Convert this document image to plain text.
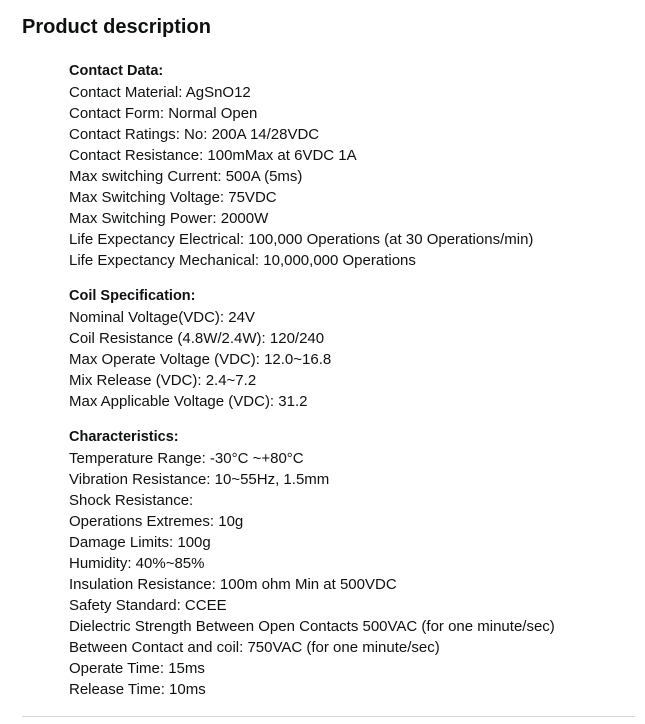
Product description
Contact Data:
Contact Material: AgSnO12
Contact Form: Normal Open
Contact Ratings: No: 200A 14/28VDC
Contact Resistance: 100mMax at 6VDC 1A
Max switching Current: 500A (5ms)
Max Switching Voltage: 75VDC
Max Switching Power: 2000W
Life Expectancy Electrical: 100,000 Operations (at 30 Operations/min)
Life Expectancy Mechanical: 10,000,000 Operations
Coil Specification:
Nominal Voltage(VDC): 24V
Coil Resistance (4.8W/2.4W): 120/240
Max Operate Voltage (VDC): 12.0~16.8
Mix Release (VDC): 2.4~7.2
Max Applicable Voltage (VDC): 31.2
Characteristics:
Temperature Range: -30°C ~+80°C
Vibration Resistance: 10~55Hz, 1.5mm
Shock Resistance:
Operations Extremes: 10g
Damage Limits: 100g
Humidity: 40%~85%
Insulation Resistance: 100m ohm Min at 500VDC
Safety Standard: CCEE
Dielectric Strength Between Open Contacts 500VAC (for one minute/sec)
Between Contact and coil: 750VAC (for one minute/sec)
Operate Time: 15ms
Release Time: 10ms
